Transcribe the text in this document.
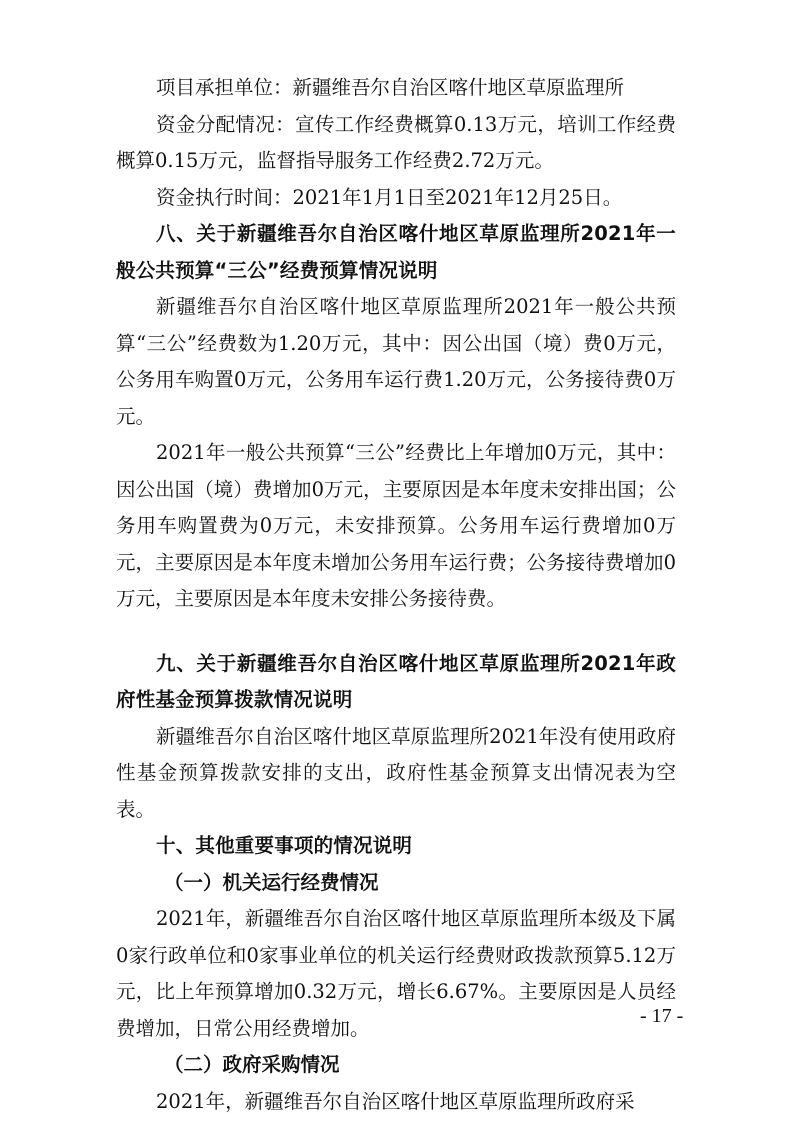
项目承担单位：新疆维吾尔自治区喀什地区草原监理所

资金分配情况：宣传工作经费概算0.13万元，培训工作经费概算0.15万元，监督指导服务工作经费2.72万元。

资金执行时间：2021年1月1日至2021年12月25日。

八、关于新疆维吾尔自治区喀什地区草原监理所2021年一般公共预算“三公”经费预算情况说明

新疆维吾尔自治区喀什地区草原监理所2021年一般公共预算“三公”经费数为1.20万元，其中：因公出国（境）费0万元，公务用车购置0万元，公务用车运行费1.20万元，公务接待费0万元。

2021年一般公共预算“三公”经费比上年增加0万元，其中：因公出国（境）费增加0万元，主要原因是本年度未安排出国；公务用车购置费为0万元，未安排预算。公务用车运行费增加0万元，主要原因是本年度未增加公务用车运行费；公务接待费增加0万元，主要原因是本年度未安排公务接待费。

九、关于新疆维吾尔自治区喀什地区草原监理所2021年政府性基金预算拨款情况说明

新疆维吾尔自治区喀什地区草原监理所2021年没有使用政府性基金预算拨款安排的支出，政府性基金预算支出情况表为空表。

十、其他重要事项的情况说明

（一）机关运行经费情况

2021年，新疆维吾尔自治区喀什地区草原监理所本级及下属0家行政单位和0家事业单位的机关运行经费财政拨款预算5.12万元，比上年预算增加0.32万元，增长6.67%。主要原因是人员经费增加，日常公用经费增加。

（二）政府采购情况

2021年，新疆维吾尔自治区喀什地区草原监理所政府采

- 17 -
